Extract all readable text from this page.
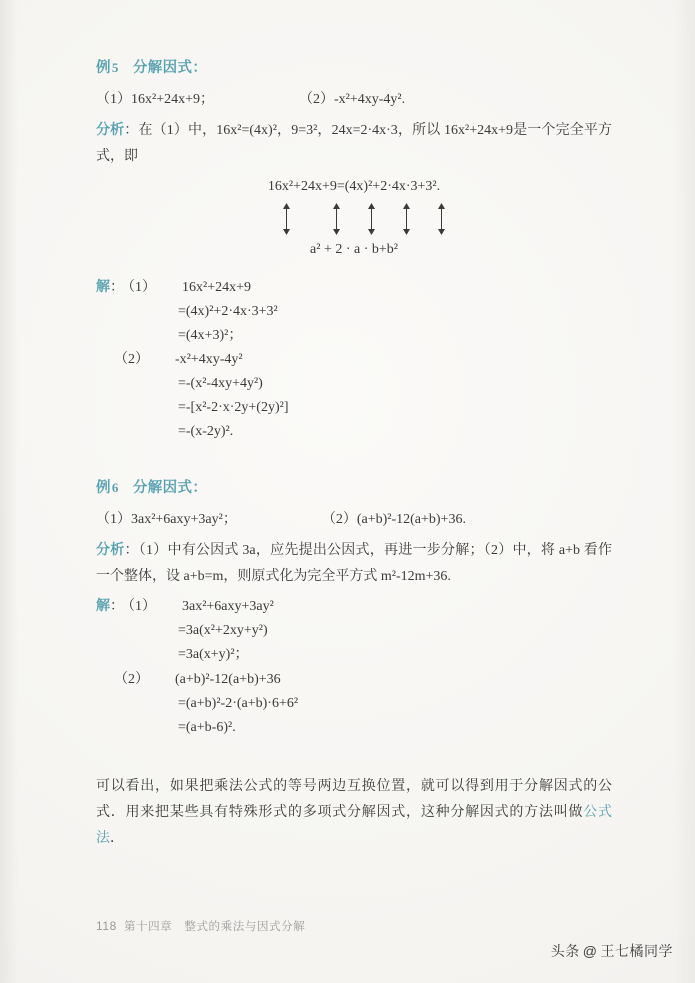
例5 分解因式：
（1）16x²+24x+9；	（2）-x²+4xy-4y².

分析：在（1）中，16x²=(4x)²，9=3²，24x=2·4x·3，所以 16x²+24x+9是一个完全平方式，即

16x²+24x+9=(4x)²+2·4x·3+3².
a² + 2 · a · b+b²
解： （1） 16x²+24x+9
=(4x)²+2·4x·3+3²
=(4x+3)²；
（2） -x²+4xy-4y²
=-(x²-4xy+4y²)
=-[x²-2·x·2y+(2y)²]
=-(x-2y)².
例6 分解因式：
（1）3ax²+6axy+3ay²；	（2）(a+b)²-12(a+b)+36.

分析：（1）中有公因式 3a，应先提出公因式，再进一步分解；（2）中，将 a+b 看作一个整体，设 a+b=m，则原式化为完全平方式 m²-12m+36.

解： （1） 3ax²+6axy+3ay²
=3a(x²+2xy+y²)
=3a(x+y)²；
（2） (a+b)²-12(a+b)+36
=(a+b)²-2·(a+b)·6+6²
=(a+b-6)².

可以看出，如果把乘法公式的等号两边互换位置，就可以得到用于分解因式的公式．用来把某些具有特殊形式的多项式分解因式，这种分解因式的方法叫做公式法．

118 第十四章 整式的乘法与因式分解
头条 @ 王七橘同学
